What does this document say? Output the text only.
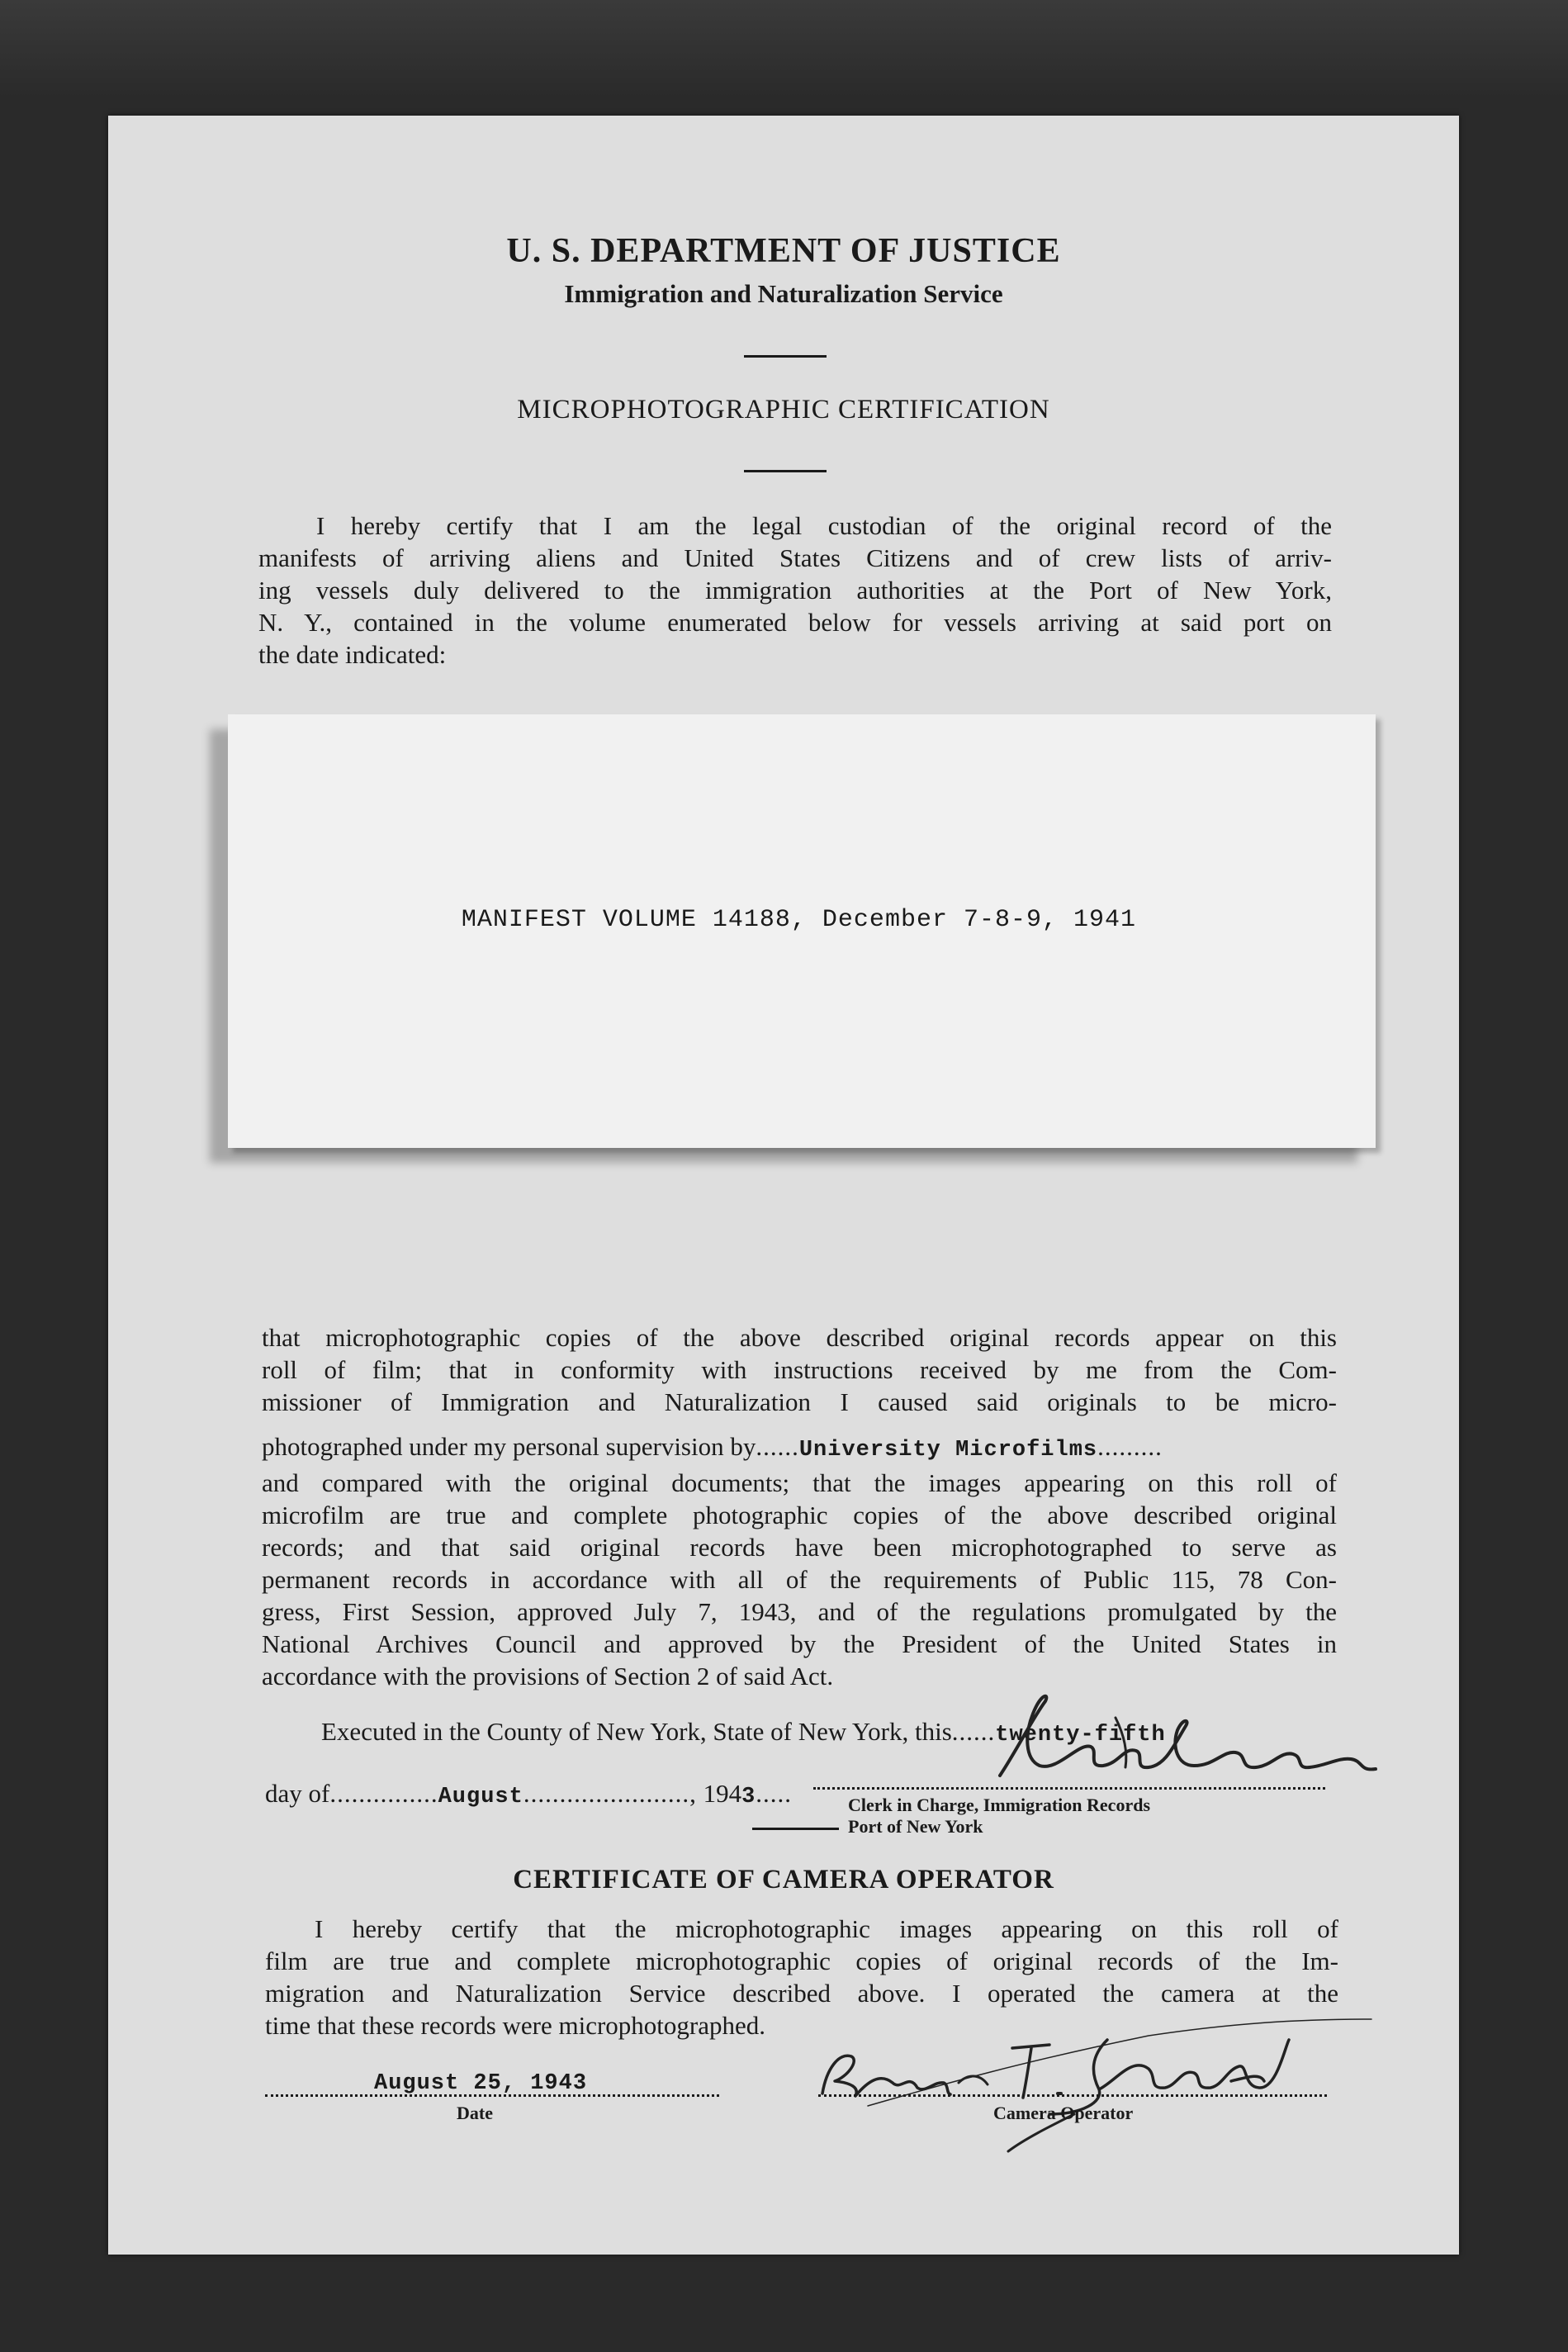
U. S. DEPARTMENT OF JUSTICE
Immigration and Naturalization Service
MICROPHOTOGRAPHIC CERTIFICATION
I hereby certify that I am the legal custodian of the original record of the
manifests of arriving aliens and United States Citizens and of crew lists of arriv-
ing vessels duly delivered to the immigration authorities at the Port of New York,
N. Y., contained in the volume enumerated below for vessels arriving at said port on
the date indicated:
MANIFEST VOLUME 14188, December 7-8-9, 1941
that microphotographic copies of the above described original records appear on this
roll of film; that in conformity with instructions received by me from the Com-
missioner of Immigration and Naturalization I caused said originals to be micro-
photographed under my personal supervision by ...... University Microfilms .........
and compared with the original documents; that the images appearing on this roll of
microfilm are true and complete photographic copies of the above described original
records; and that said original records have been microphotographed to serve as
permanent records in accordance with all of the requirements of Public 115, 78 Con-
gress, First Session, approved July 7, 1943, and of the regulations promulgated by the
National Archives Council and approved by the President of the United States in
accordance with the provisions of Section 2 of said Act.
Executed in the County of New York, State of New York, this......twenty-fifth
day of...............August......................., 1943.....	Clerk in Charge, Immigration Records
Port of New York
CERTIFICATE OF CAMERA OPERATOR
I hereby certify that the microphotographic images appearing on this roll of
film are true and complete microphotographic copies of original records of the Im-
migration and Naturalization Service described above. I operated the camera at the
time that these records were microphotographed.
August 25, 1943
Date	Camera Operator
